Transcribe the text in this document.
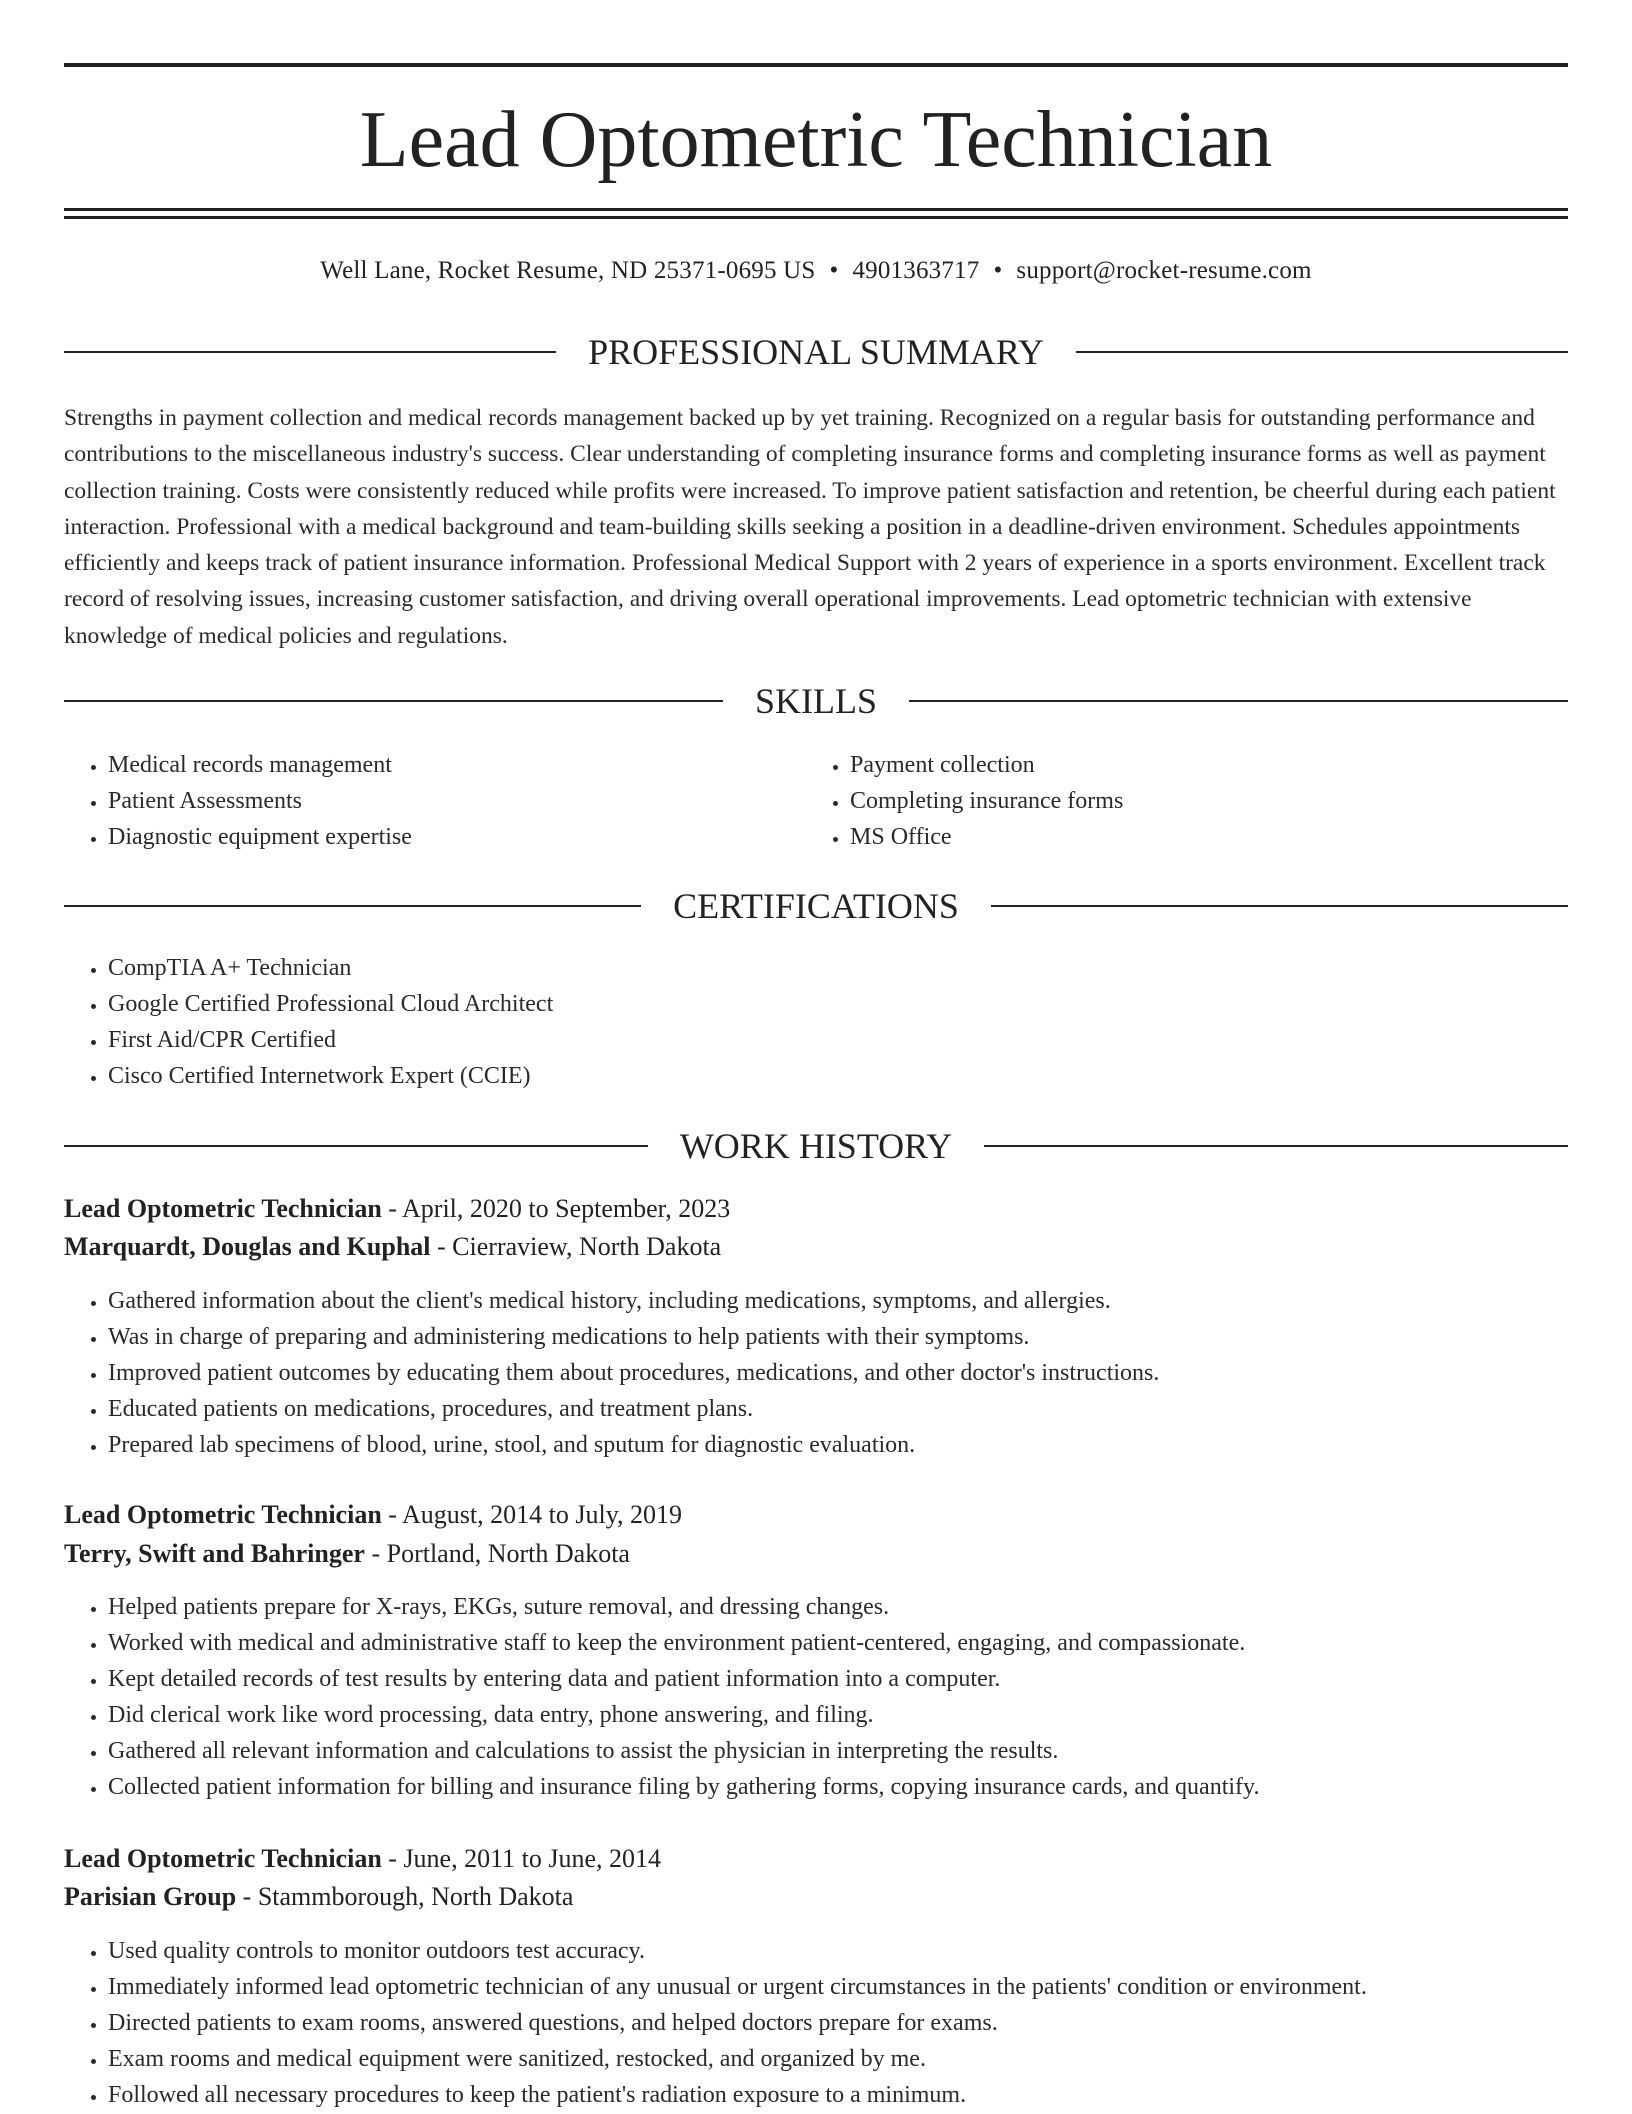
Lead Optometric Technician
Well Lane, Rocket Resume, ND 25371-0695 US • 4901363717 • support@rocket-resume.com
PROFESSIONAL SUMMARY

Strengths in payment collection and medical records management backed up by yet training. Recognized on a regular basis for outstanding performance and contributions to the miscellaneous industry's success. Clear understanding of completing insurance forms and completing insurance forms as well as payment collection training. Costs were consistently reduced while profits were increased. To improve patient satisfaction and retention, be cheerful during each patient interaction. Professional with a medical background and team-building skills seeking a position in a deadline-driven environment. Schedules appointments efficiently and keeps track of patient insurance information. Professional Medical Support with 2 years of experience in a sports environment. Excellent track record of resolving issues, increasing customer satisfaction, and driving overall operational improvements. Lead optometric technician with extensive knowledge of medical policies and regulations.

SKILLS
• Medical records management
• Patient Assessments
• Diagnostic equipment expertise
• Payment collection
• Completing insurance forms
• MS Office
CERTIFICATIONS
• CompTIA A+ Technician
• Google Certified Professional Cloud Architect
• First Aid/CPR Certified
• Cisco Certified Internetwork Expert (CCIE)
WORK HISTORY
Lead Optometric Technician - April, 2020 to September, 2023
Marquardt, Douglas and Kuphal - Cierraview, North Dakota
• Gathered information about the client's medical history, including medications, symptoms, and allergies.
• Was in charge of preparing and administering medications to help patients with their symptoms.
• Improved patient outcomes by educating them about procedures, medications, and other doctor's instructions.
• Educated patients on medications, procedures, and treatment plans.
• Prepared lab specimens of blood, urine, stool, and sputum for diagnostic evaluation.
Lead Optometric Technician - August, 2014 to July, 2019
Terry, Swift and Bahringer - Portland, North Dakota
• Helped patients prepare for X-rays, EKGs, suture removal, and dressing changes.
• Worked with medical and administrative staff to keep the environment patient-centered, engaging, and compassionate.
• Kept detailed records of test results by entering data and patient information into a computer.
• Did clerical work like word processing, data entry, phone answering, and filing.
• Gathered all relevant information and calculations to assist the physician in interpreting the results.
• Collected patient information for billing and insurance filing by gathering forms, copying insurance cards, and quantify.
Lead Optometric Technician - June, 2011 to June, 2014
Parisian Group - Stammborough, North Dakota
• Used quality controls to monitor outdoors test accuracy.
• Immediately informed lead optometric technician of any unusual or urgent circumstances in the patients' condition or environment.
• Directed patients to exam rooms, answered questions, and helped doctors prepare for exams.
• Exam rooms and medical equipment were sanitized, restocked, and organized by me.
• Followed all necessary procedures to keep the patient's radiation exposure to a minimum.
